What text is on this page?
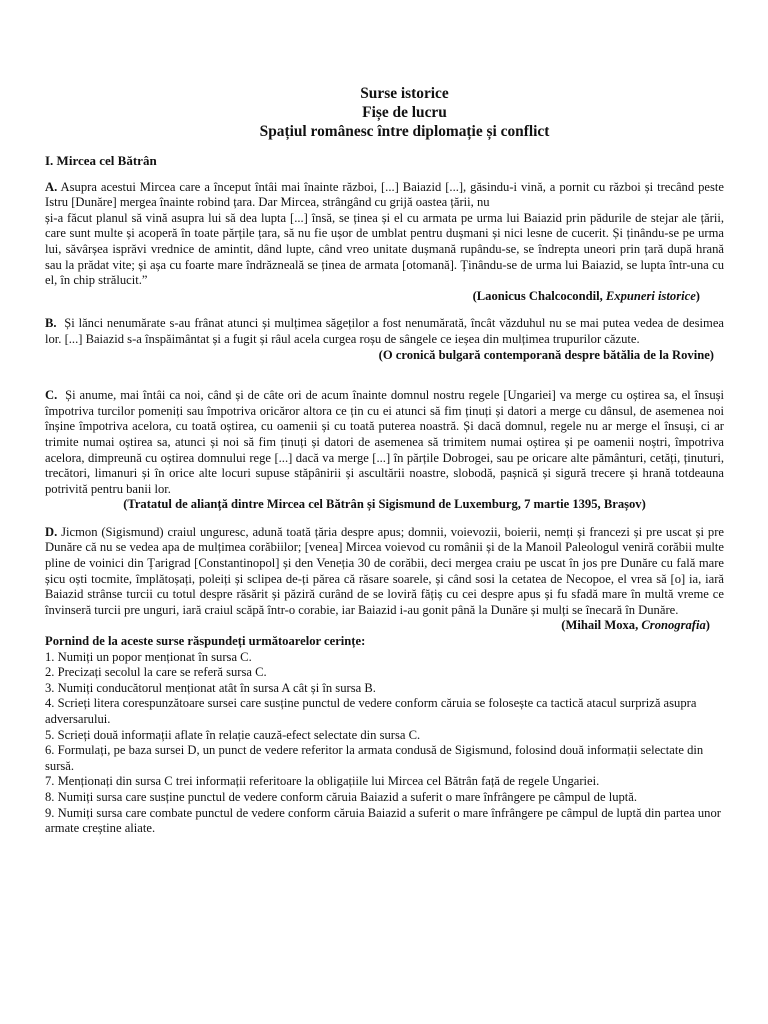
Surse istorice
Fișe de lucru
Spațiul românesc între diplomație și conflict
I. Mircea cel Bătrân

A. Asupra acestui Mircea care a început întâi mai înainte război, [...] Baiazid [...], găsindu-i vină, a pornit cu război și trecând peste Istru [Dunăre] mergea înainte robind țara. Dar Mircea, strângând cu grijă oastea țării, nu

și-a făcut planul să vină asupra lui să dea lupta [...] însă, se ținea și el cu armata pe urma lui Baiazid prin pădurile de stejar ale țării, care sunt multe și acoperă în toate părțile țara, să nu fie ușor de umblat pentru dușmani și nici lesne de cucerit. Și ținându-se pe urma lui, săvârșea isprăvi vrednice de amintit, dând lupte, când vreo unitate dușmană rupându-se, se îndrepta uneori prin țară după hrană sau la prădat vite; și așa cu foarte mare îndrăzneală se ținea de armata [otomană]. Ținându-se de urma lui Baiazid, se lupta într-una cu el, în chip strălucit.”

(Laonicus Chalcocondil, Expuneri istorice)

B. Și lănci nenumărate s-au frânat atunci și mulțimea săgeților a fost nenumărată, încât văzduhul nu se mai putea vedea de desimea lor. [...] Baiazid s-a înspăimântat și a fugit și râul acela curgea roșu de sângele ce ieșea din mulțimea trupurilor căzute.

(O cronică bulgară contemporană despre bătălia de la Rovine)

C. Și anume, mai întâi ca noi, când și de câte ori de acum înainte domnul nostru regele [Ungariei] va merge cu oștirea sa, el însuși împotriva turcilor pomeniți sau împotriva oricăror altora ce țin cu ei atunci să fim ținuți și datori a merge cu dânsul, de asemenea noi înșine împotriva acelora, cu toată oștirea, cu oamenii și cu toată puterea noastră. Și dacă domnul, regele nu ar merge el însuși, ci ar trimite numai oștirea sa, atunci și noi să fim ținuți și datori de asemenea să trimitem numai oștirea și pe oamenii noștri, împotriva acelora, dimpreună cu oștirea domnului rege [...] dacă va merge [...] în părțile Dobrogei, sau pe oricare alte pământuri, cetăți, ținuturi, trecători, limanuri și în orice alte locuri supuse stăpânirii și ascultării noastre, slobodă, pașnică și sigură trecere și hrană totdeauna potrivită pentru banii lor.

(Tratatul de alianță dintre Mircea cel Bătrân și Sigismund de Luxemburg, 7 martie 1395, Brașov)

D. Jicmon (Sigismund) craiul unguresc, adună toată țăria despre apus; domnii, voievozii, boierii, nemți și francezi și pre uscat și pre Dunăre că nu se vedea apa de mulțimea corăbiilor; [venea] Mircea voievod cu românii și de la Manoil Paleologul veniră corăbii multe pline de voinici din Țarigrad [Constantinopol] și den Veneția 30 de corăbii, deci mergea craiu pe uscat în jos pre Dunăre cu falǎ mare șicu oști tocmite, împlătoșați, poleiți și sclipea de-ți părea că răsare soarele, și când sosi la cetatea de Necopoe, el vrea să [o] ia, iară Baiazid strânse turcii cu totul despre răsărit și păzirǎ curând de se loviră fățiș cu cei despre apus și fu sfadă mare în multă vreme ce învinseră turcii pre unguri, iară craiul scăpă într-o corabie, iar Baiazid i-au gonit până la Dunăre și mulți se înecară în Dunăre.

(Mihail Moxa, Cronografia)

Pornind de la aceste surse răspundeți următoarelor cerințe:

1. Numiți un popor menționat în sursa C.

2. Precizați secolul la care se referă sursa C.

3. Numiți conducătorul menționat atât în sursa A cât și în sursa B.

4. Scrieți litera corespunzătoare sursei care susține punctul de vedere conform căruia se folosește ca tactică atacul surpriză asupra adversarului.

5. Scrieți două informații aflate în relație cauză-efect selectate din sursa C.

6. Formulați, pe baza sursei D, un punct de vedere referitor la armata condusă de Sigismund, folosind două informații selectate din sursă.

7. Menționați din sursa C trei informații referitoare la obligațiile lui Mircea cel Bătrân față de regele Ungariei.

8. Numiți sursa care susține punctul de vedere conform căruia Baiazid a suferit o mare înfrângere pe câmpul de luptă.

9. Numiți sursa care combate punctul de vedere conform căruia Baiazid a suferit o mare înfrângere pe câmpul de luptă din partea unor armate creștine aliate.
